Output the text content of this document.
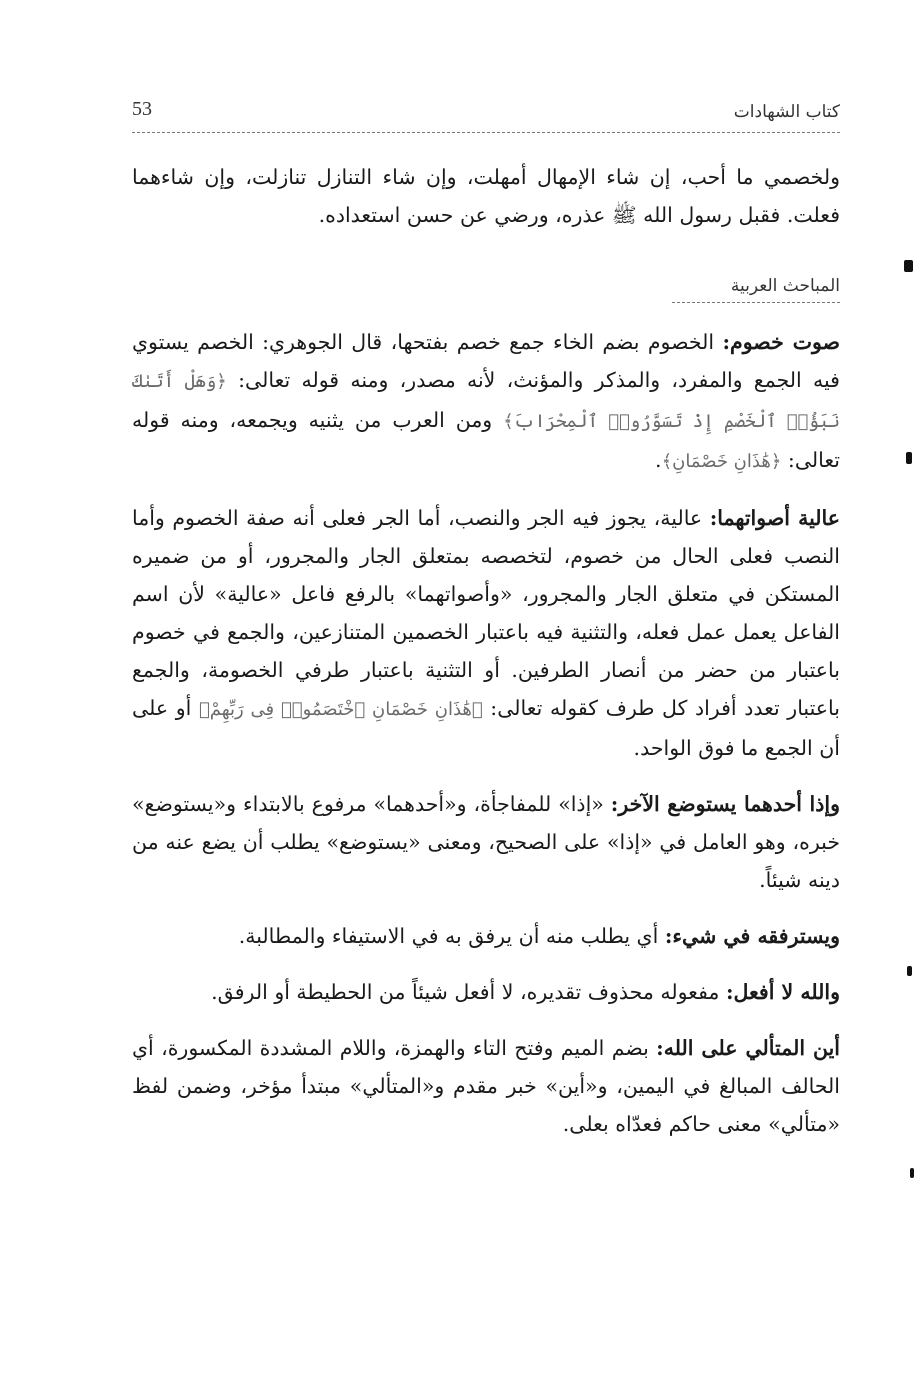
كتاب الشهادات
53

ولخصمي ما أحب، إن شاء الإمهال أمهلت، وإن شاء التنازل تنازلت، وإن شاءهما فعلت. فقبل رسول الله ﷺ عذره، ورضي عن حسن استعداده.

المباحث العربية

صوت خصوم: الخصوم بضم الخاء جمع خصم بفتحها، قال الجوهري: الخصم يستوي فيه الجمع والمفرد، والمذكر والمؤنث، لأنه مصدر، ومنه قوله تعالى: ﴿وَهَلْ أَتَىٰكَ نَبَؤُا۟ ٱلْخَصْمِ إِذْ تَسَوَّرُوا۟ ٱلْمِحْرَابَ﴾ ومن العرب من يثنيه ويجمعه، ومنه قوله تعالى: ﴿هَٰذَانِ خَصْمَانِ﴾.

عالية أصواتهما: عالية، يجوز فيه الجر والنصب، أما الجر فعلى أنه صفة الخصوم وأما النصب فعلى الحال من خصوم، لتخصصه بمتعلق الجار والمجرور، أو من ضميره المستكن في متعلق الجار والمجرور، «وأصواتهما» بالرفع فاعل «عالية» لأن اسم الفاعل يعمل عمل فعله، والتثنية فيه باعتبار الخصمين المتنازعين، والجمع في خصوم باعتبار من حضر من أنصار الطرفين. أو التثنية باعتبار طرفي الخصومة، والجمع باعتبار تعدد أفراد كل طرف كقوله تعالى: ﴿هَٰذَانِ خَصْمَانِ ٱخْتَصَمُوا۟ فِى رَبِّهِمْ﴾ أو على أن الجمع ما فوق الواحد.

وإذا أحدهما يستوضع الآخر: «إذا» للمفاجأة، و«أحدهما» مرفوع بالابتداء و«يستوضع» خبره، وهو العامل في «إذا» على الصحيح، ومعنى «يستوضع» يطلب أن يضع عنه من دينه شيئاً.

ويسترفقه في شيء: أي يطلب منه أن يرفق به في الاستيفاء والمطالبة.

والله لا أفعل: مفعوله محذوف تقديره، لا أفعل شيئاً من الحطيطة أو الرفق.

أين المتألي على الله: بضم الميم وفتح التاء والهمزة، واللام المشددة المكسورة، أي الحالف المبالغ في اليمين، و«أين» خبر مقدم و«المتألي» مبتدأ مؤخر، وضمن لفظ «متألي» معنى حاكم فعدّاه بعلى.
